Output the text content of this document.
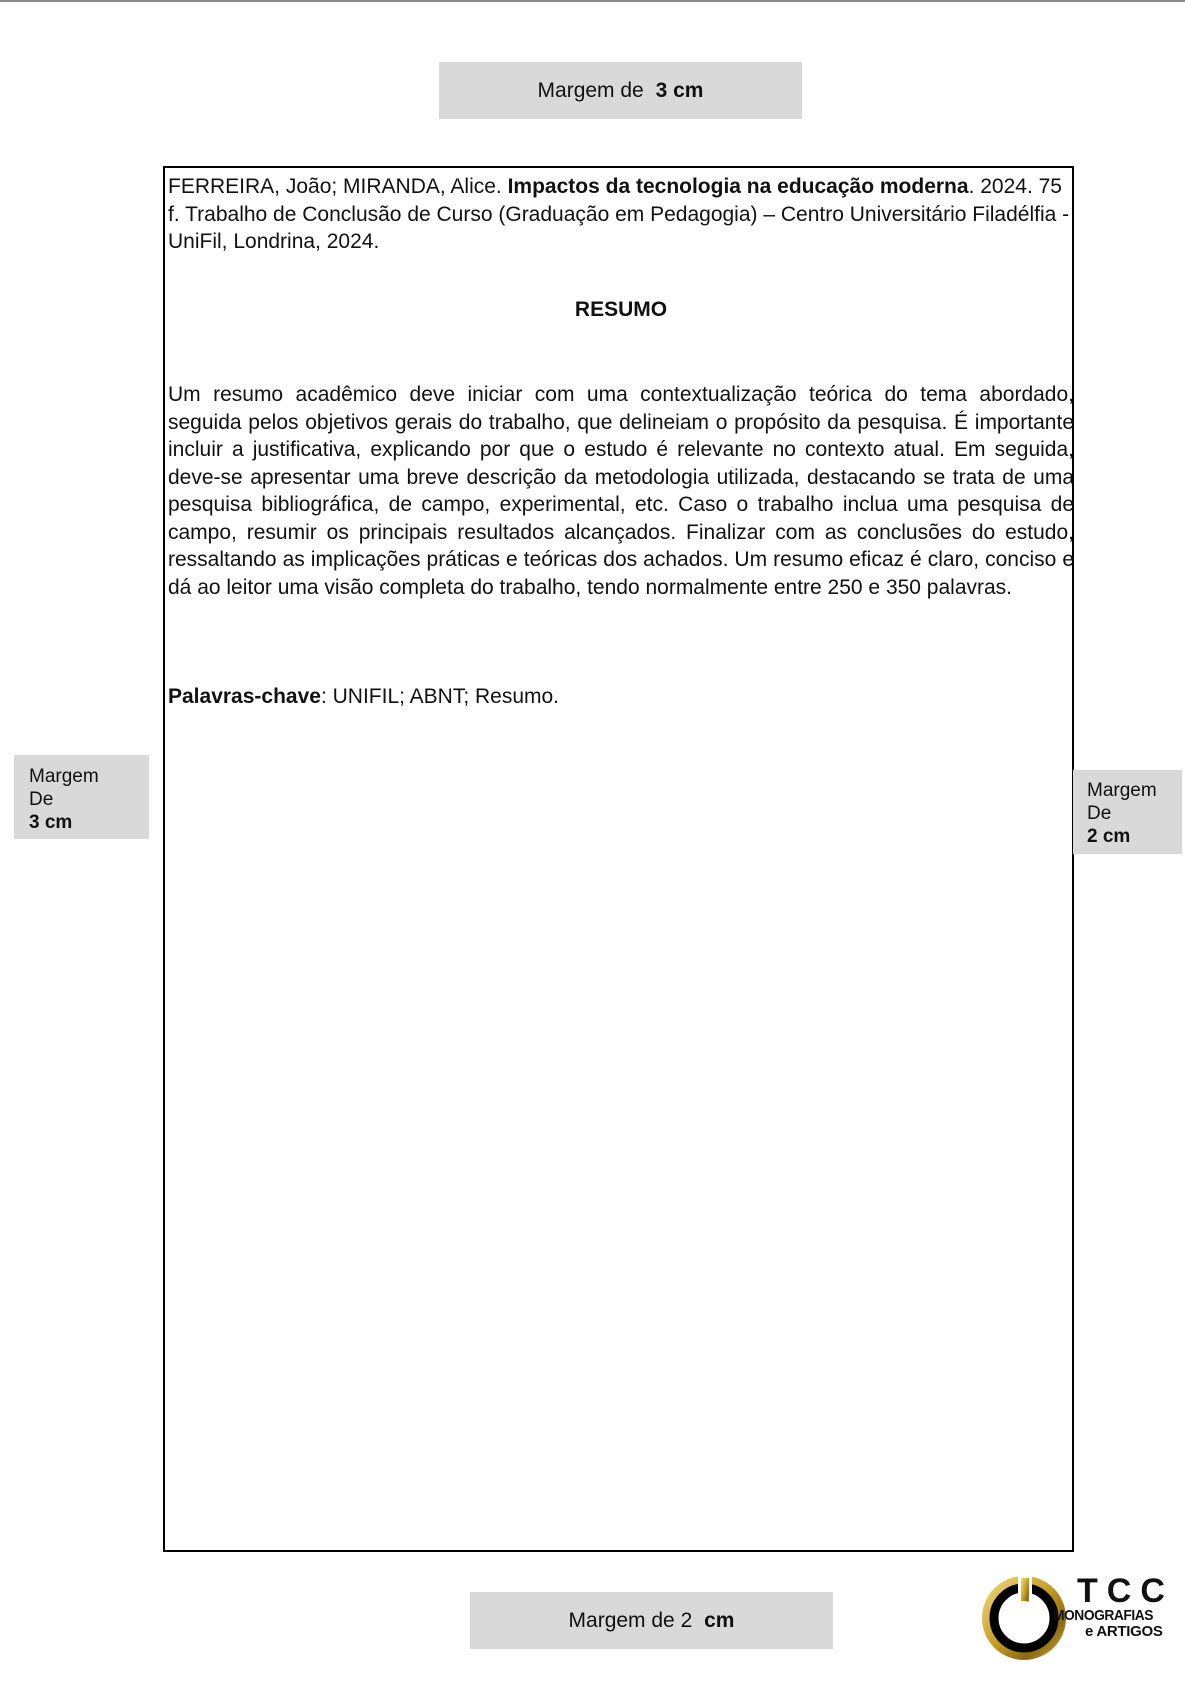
Margem de 3 cm

FERREIRA, João; MIRANDA, Alice. Impactos da tecnologia na educação moderna. 2024. 75 f. Trabalho de Conclusão de Curso (Graduação em Pedagogia) – Centro Universitário Filadélfia - UniFil, Londrina, 2024.

RESUMO

Um resumo acadêmico deve iniciar com uma contextualização teórica do tema abordado, seguida pelos objetivos gerais do trabalho, que delineiam o propósito da pesquisa. É importante incluir a justificativa, explicando por que o estudo é relevante no contexto atual. Em seguida, deve-se apresentar uma breve descrição da metodologia utilizada, destacando se trata de uma pesquisa bibliográfica, de campo, experimental, etc. Caso o trabalho inclua uma pesquisa de campo, resumir os principais resultados alcançados. Finalizar com as conclusões do estudo, ressaltando as implicações práticas e teóricas dos achados. Um resumo eficaz é claro, conciso e dá ao leitor uma visão completa do trabalho, tendo normalmente entre 250 e 350 palavras.

Palavras-chave: UNIFIL; ABNT; Resumo.

Margem
De
3 cm
Margem
De
2 cm
Margem de 2 cm
TCC
MONOGRAFIAS
e ARTIGOS
